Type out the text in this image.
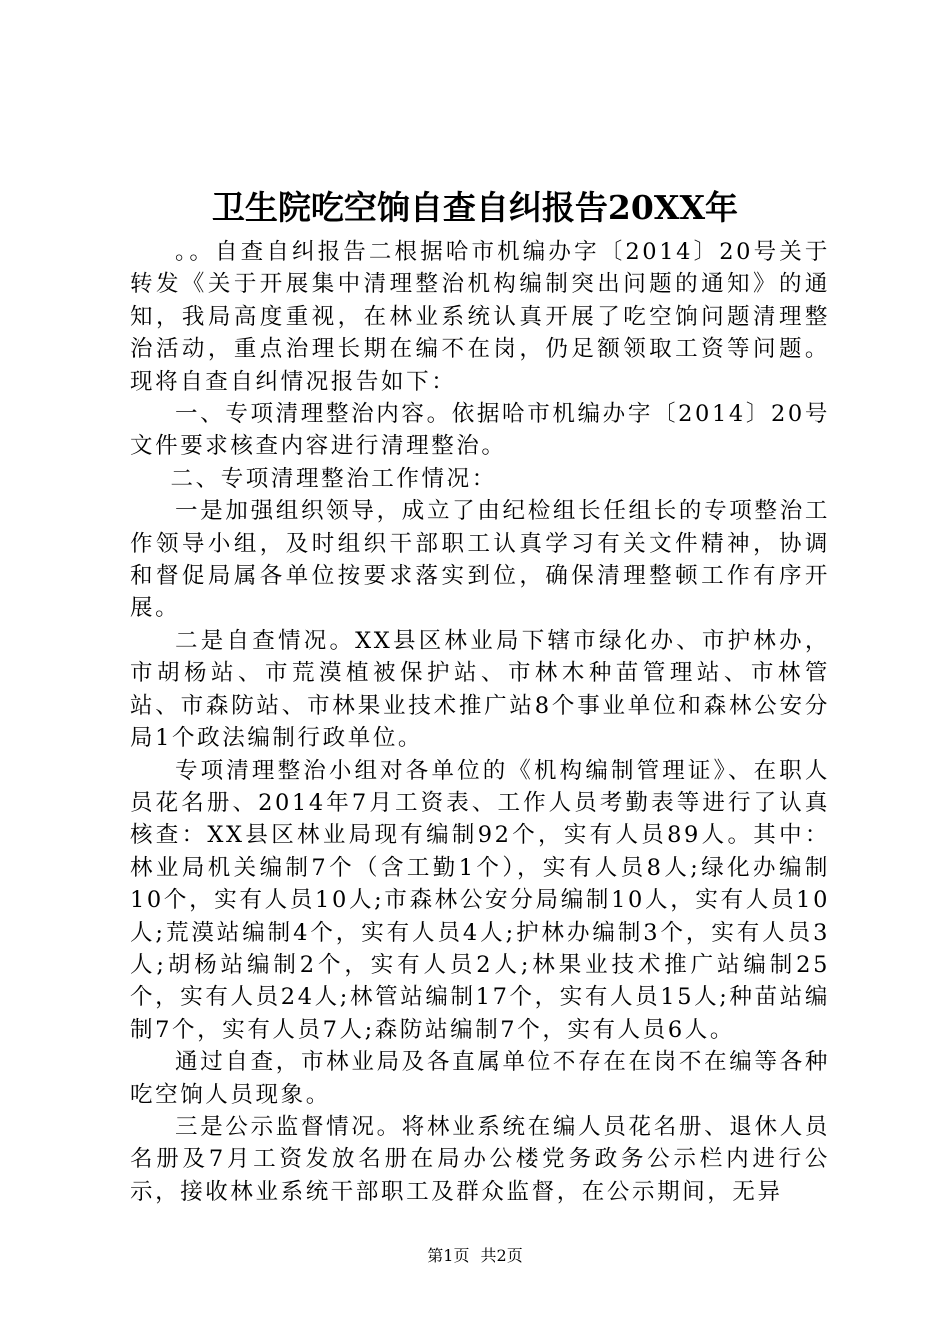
卫生院吃空饷自查自纠报告20XX年

。。自查自纠报告二根据哈市机编办字〔2014〕20号关于转发《关于开展集中清理整治机构编制突出问题的通知》的通知，我局高度重视，在林业系统认真开展了吃空饷问题清理整治活动，重点治理长期在编不在岗，仍足额领取工资等问题。现将自查自纠情况报告如下：

一、专项清理整治内容。依据哈市机编办字〔2014〕20号文件要求核查内容进行清理整治。

二、专项清理整治工作情况：

一是加强组织领导，成立了由纪检组长任组长的专项整治工作领导小组，及时组织干部职工认真学习有关文件精神，协调和督促局属各单位按要求落实到位，确保清理整顿工作有序开展。

二是自查情况。XX县区林业局下辖市绿化办、市护林办，市胡杨站、市荒漠植被保护站、市林木种苗管理站、市林管站、市森防站、市林果业技术推广站8个事业单位和森林公安分局1个政法编制行政单位。

专项清理整治小组对各单位的《机构编制管理证》、在职人员花名册、2014年7月工资表、工作人员考勤表等进行了认真核查：XX县区林业局现有编制92个，实有人员89人。其中：林业局机关编制7个（含工勤1个），实有人员8人;绿化办编制10个，实有人员10人;市森林公安分局编制10人，实有人员10人;荒漠站编制4个，实有人员4人;护林办编制3个，实有人员3人;胡杨站编制2个，实有人员2人;林果业技术推广站编制25个，实有人员24人;林管站编制17个，实有人员15人;种苗站编制7个，实有人员7人;森防站编制7个，实有人员6人。

通过自查，市林业局及各直属单位不存在在岗不在编等各种吃空饷人员现象。

三是公示监督情况。将林业系统在编人员花名册、退休人员名册及7月工资发放名册在局办公楼党务政务公示栏内进行公示，接收林业系统干部职工及群众监督，在公示期间，无异

第1页 共2页
